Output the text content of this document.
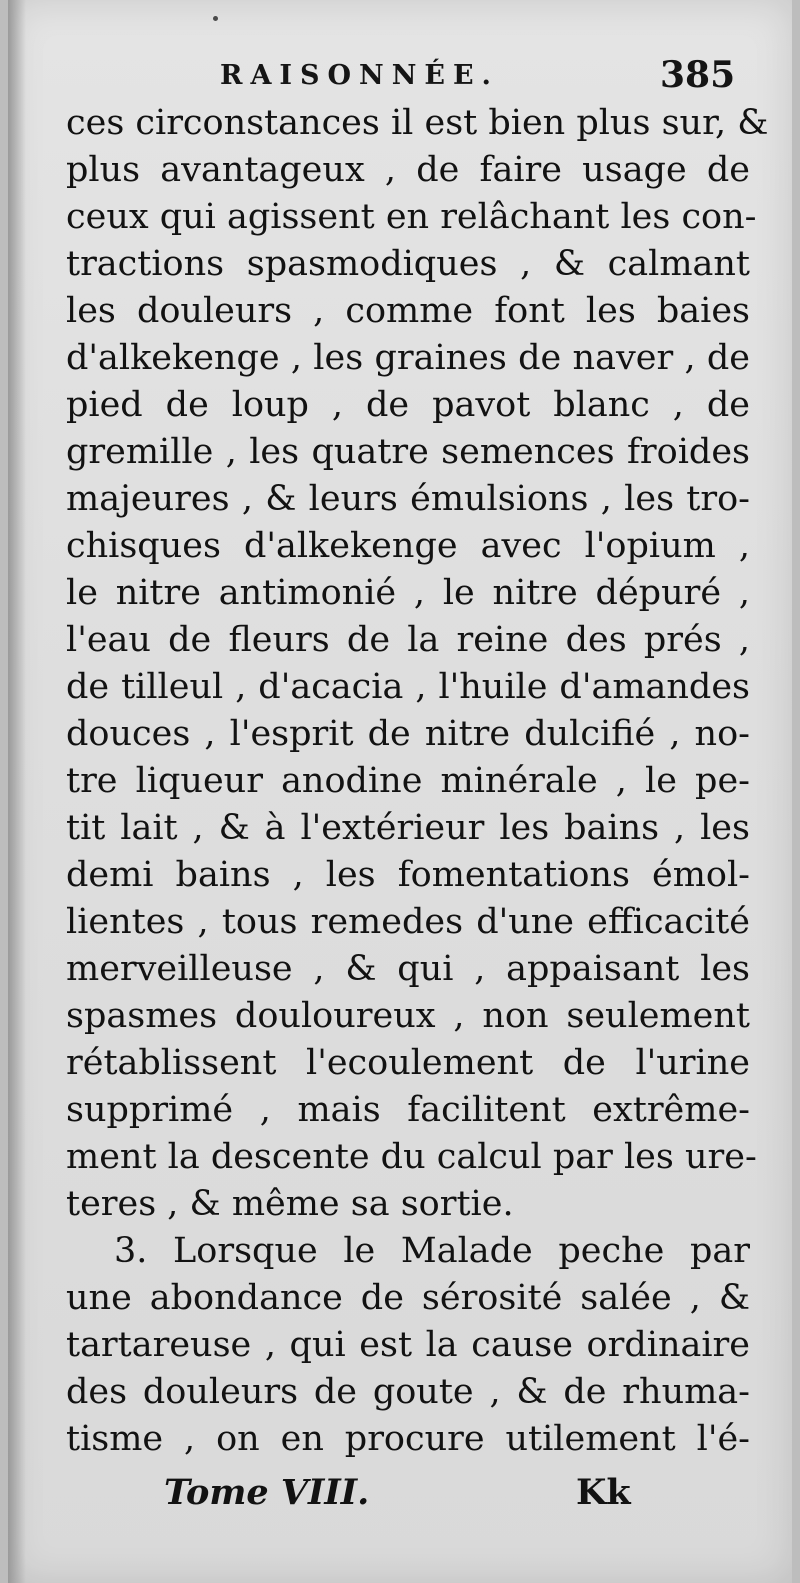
RAISONNÉE.	385
ces circonstances il est bien plus sur, &
plus avantageux , de faire usage de
ceux qui agissent en relâchant les con-
tractions spasmodiques , & calmant
les douleurs , comme font les baies
d'alkekenge , les graines de naver , de
pied de loup , de pavot blanc , de
gremille , les quatre semences froides
majeures , & leurs émulsions , les tro-
chisques d'alkekenge avec l'opium ,
le nitre antimonié , le nitre dépuré ,
l'eau de fleurs de la reine des prés ,
de tilleul , d'acacia , l'huile d'amandes
douces , l'esprit de nitre dulcifié , no-
tre liqueur anodine minérale , le pe-
tit lait , & à l'extérieur les bains , les
demi bains , les fomentations émol-
lientes , tous remedes d'une efficacité
merveilleuse , & qui , appaisant les
spasmes douloureux , non seulement
rétablissent l'ecoulement de l'urine
supprimé , mais facilitent extrême-
ment la descente du calcul par les ure-
teres , & même sa sortie.
3. Lorsque le Malade peche par
une abondance de sérosité salée , &
tartareuse , qui est la cause ordinaire
des douleurs de goute , & de rhuma-
tisme , on en procure utilement l'é-
Tome VIII.	Kk
